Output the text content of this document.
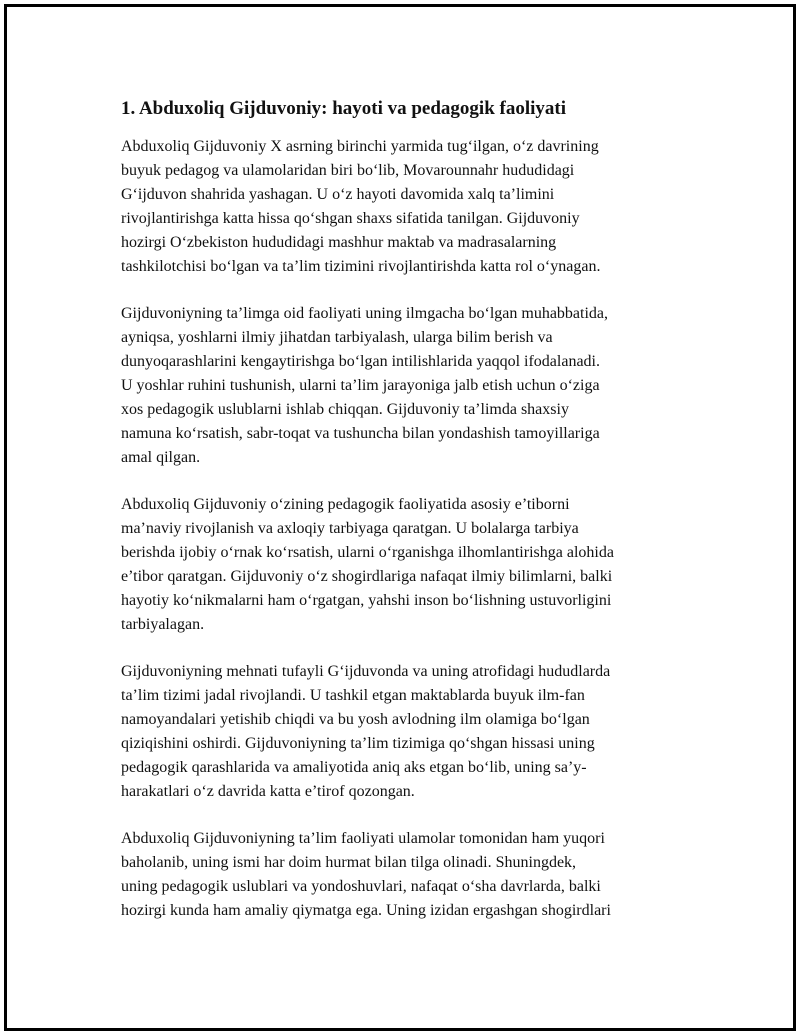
1. Abduxoliq Gijduvoniy: hayoti va pedagogik faoliyati

Abduxoliq Gijduvoniy X asrning birinchi yarmida tug‘ilgan, o‘z davrining
buyuk pedagog va ulamolaridan biri bo‘lib, Movarounnahr hududidagi
G‘ijduvon shahrida yashagan. U o‘z hayoti davomida xalq ta’limini
rivojlantirishga katta hissa qo‘shgan shaxs sifatida tanilgan. Gijduvoniy
hozirgi O‘zbekiston hududidagi mashhur maktab va madrasalarning
tashkilotchisi bo‘lgan va ta’lim tizimini rivojlantirishda katta rol o‘ynagan.

Gijduvoniyning ta’limga oid faoliyati uning ilmgacha bo‘lgan muhabbatida,
ayniqsa, yoshlarni ilmiy jihatdan tarbiyalash, ularga bilim berish va
dunyoqarashlarini kengaytirishga bo‘lgan intilishlarida yaqqol ifodalanadi.
U yoshlar ruhini tushunish, ularni ta’lim jarayoniga jalb etish uchun o‘ziga
xos pedagogik uslublarni ishlab chiqqan. Gijduvoniy ta’limda shaxsiy
namuna ko‘rsatish, sabr-toqat va tushuncha bilan yondashish tamoyillariga
amal qilgan.

Abduxoliq Gijduvoniy o‘zining pedagogik faoliyatida asosiy e’tiborni
ma’naviy rivojlanish va axloqiy tarbiyaga qaratgan. U bolalarga tarbiya
berishda ijobiy o‘rnak ko‘rsatish, ularni o‘rganishga ilhomlantirishga alohida
e’tibor qaratgan. Gijduvoniy o‘z shogirdlariga nafaqat ilmiy bilimlarni, balki
hayotiy ko‘nikmalarni ham o‘rgatgan, yahshi inson bo‘lishning ustuvorligini
tarbiyalagan.

Gijduvoniyning mehnati tufayli G‘ijduvonda va uning atrofidagi hududlarda
ta’lim tizimi jadal rivojlandi. U tashkil etgan maktablarda buyuk ilm-fan
namoyandalari yetishib chiqdi va bu yosh avlodning ilm olamiga bo‘lgan
qiziqishini oshirdi. Gijduvoniyning ta’lim tizimiga qo‘shgan hissasi uning
pedagogik qarashlarida va amaliyotida aniq aks etgan bo‘lib, uning sa’y-
harakatlari o‘z davrida katta e’tirof qozongan.

Abduxoliq Gijduvoniyning ta’lim faoliyati ulamolar tomonidan ham yuqori
baholanib, uning ismi har doim hurmat bilan tilga olinadi. Shuningdek,
uning pedagogik uslublari va yondoshuvlari, nafaqat o‘sha davrlarda, balki
hozirgi kunda ham amaliy qiymatga ega. Uning izidan ergashgan shogirdlari
